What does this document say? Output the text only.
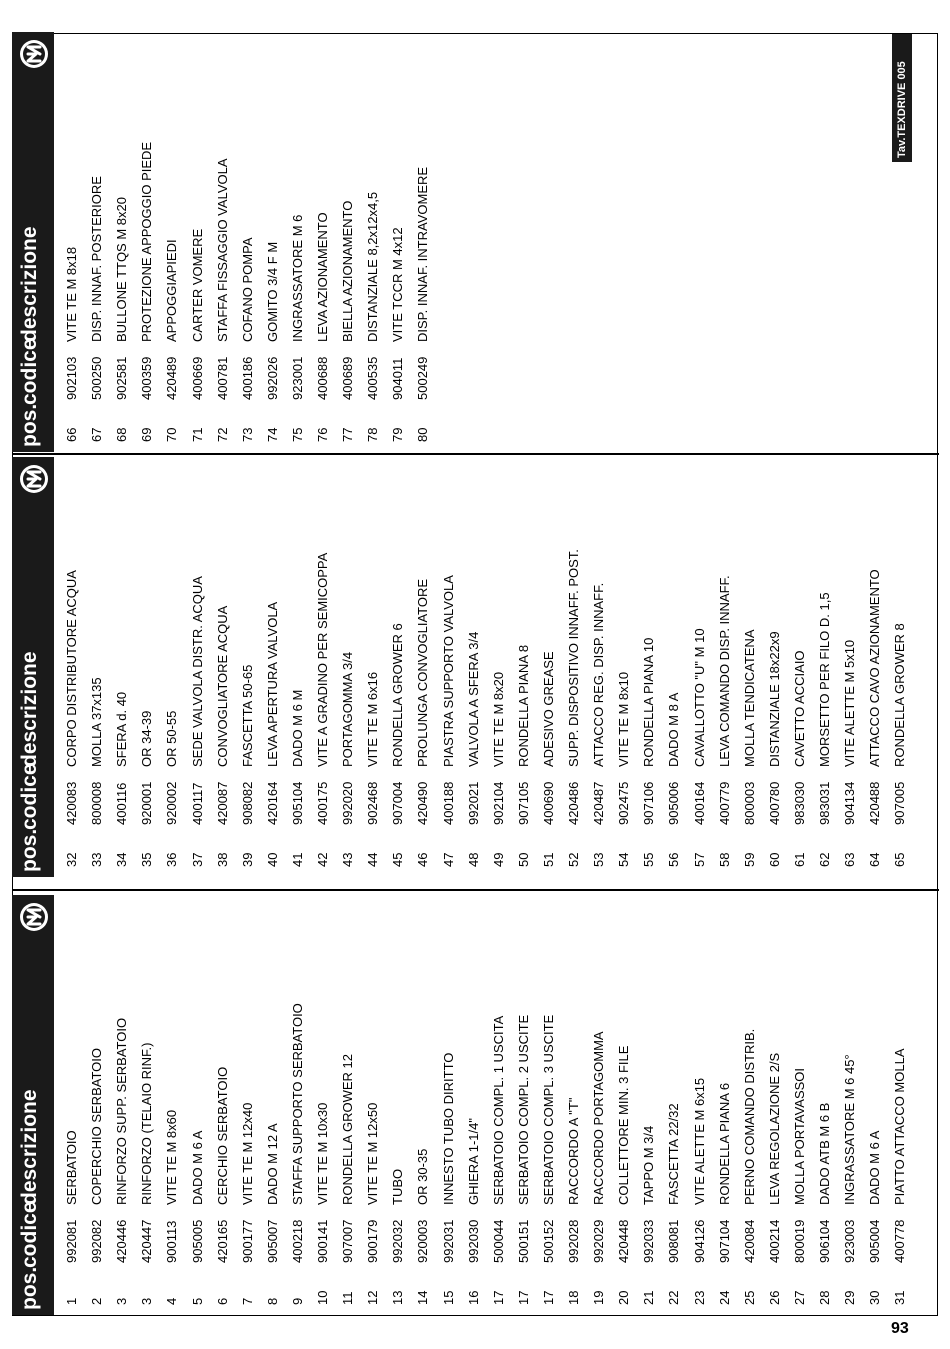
Tav.TEXDRIVE 005
93
pos.
codice
descrizione
1
992081
SERBATOIO
2
992082
COPERCHIO SERBATOIO
3
420446
RINFORZO SUPP. SERBATOIO
3
420447
RINFORZO (TELAIO RINF.)
4
900113
VITE TE M 8x60
5
905005
DADO M 6 A
6
420165
CERCHIO SERBATOIO
7
900177
VITE TE M 12x40
8
905007
DADO M 12 A
9
400218
STAFFA SUPPORTO SERBATOIO
10
900141
VITE TE M 10x30
11
907007
RONDELLA GROWER 12
12
900179
VITE TE M 12x50
13
992032
TUBO
14
920003
OR 30-35
15
992031
INNESTO TUBO DIRITTO
16
992030
GHIERA 1-1/4"
17
500044
SERBATOIO COMPL. 1 USCITA
17
500151
SERBATOIO COMPL. 2 USCITE
17
500152
SERBATOIO COMPL. 3 USCITE
18
992028
RACCORDO A "T"
19
992029
RACCORDO PORTAGOMMA
20
420448
COLLETTORE MIN. 3 FILE
21
992033
TAPPO M 3/4
22
908081
FASCETTA 22/32
23
904126
VITE ALETTE M 6x15
24
907104
RONDELLA PIANA 6
25
420084
PERNO COMANDO DISTRIB.
26
400214
LEVA REGOLAZIONE 2/S
27
800019
MOLLA PORTAVASSOI
28
906104
DADO ATB M 6 B
29
923003
INGRASSATORE M 6 45°
30
905004
DADO M 6 A
31
400778
PIATTO ATTACCO MOLLA
pos.
codice
descrizione
32
420083
CORPO DISTRIBUTORE ACQUA
33
800008
MOLLA 37x135
34
400116
SFERA d. 40
35
920001
OR 34-39
36
920002
OR 50-55
37
400117
SEDE VALVOLA DISTR. ACQUA
38
420087
CONVOGLIATORE ACQUA
39
908082
FASCETTA 50-65
40
420164
LEVA APERTURA VALVOLA
41
905104
DADO M 6 M
42
400175
VITE A GRADINO PER SEMICOPPA
43
992020
PORTAGOMMA 3/4
44
902468
VITE TE M 6x16
45
907004
RONDELLA GROWER 6
46
420490
PROLUNGA CONVOGLIATORE
47
400188
PIASTRA SUPPORTO VALVOLA
48
992021
VALVOLA A SFERA 3/4
49
902104
VITE TE M 8x20
50
907105
RONDELLA PIANA 8
51
400690
ADESIVO GREASE
52
420486
SUPP. DISPOSITIVO INNAFF. POST.
53
420487
ATTACCO REG. DISP. INNAFF.
54
902475
VITE TE M 8x10
55
907106
RONDELLA PIANA 10
56
905006
DADO M 8 A
57
400164
CAVALLOTTO "U" M 10
58
400779
LEVA COMANDO DISP. INNAFF.
59
800003
MOLLA TENDICATENA
60
400780
DISTANZIALE 18x22x9
61
983030
CAVETTO ACCIAIO
62
983031
MORSETTO PER FILO D. 1,5
63
904134
VITE ALETTE M 5x10
64
420488
ATTACCO CAVO AZIONAMENTO
65
907005
RONDELLA GROWER 8
pos.
codice
descrizione
66
902103
VITE TE M 8x18
67
500250
DISP. INNAF. POSTERIORE
68
902581
BULLONE TTQS M 8x20
69
400359
PROTEZIONE APPOGGIO PIEDE
70
420489
APPOGGIAPIEDI
71
400669
CARTER VOMERE
72
400781
STAFFA FISSAGGIO VALVOLA
73
400186
COFANO POMPA
74
992026
GOMITO 3/4 F M
75
923001
INGRASSATORE M 6
76
400688
LEVA AZIONAMENTO
77
400689
BIELLA AZIONAMENTO
78
400535
DISTANZIALE 8,2x12x4,5
79
904011
VITE TCCR M 4x12
80
500249
DISP. INNAF. INTRAVOMERE
